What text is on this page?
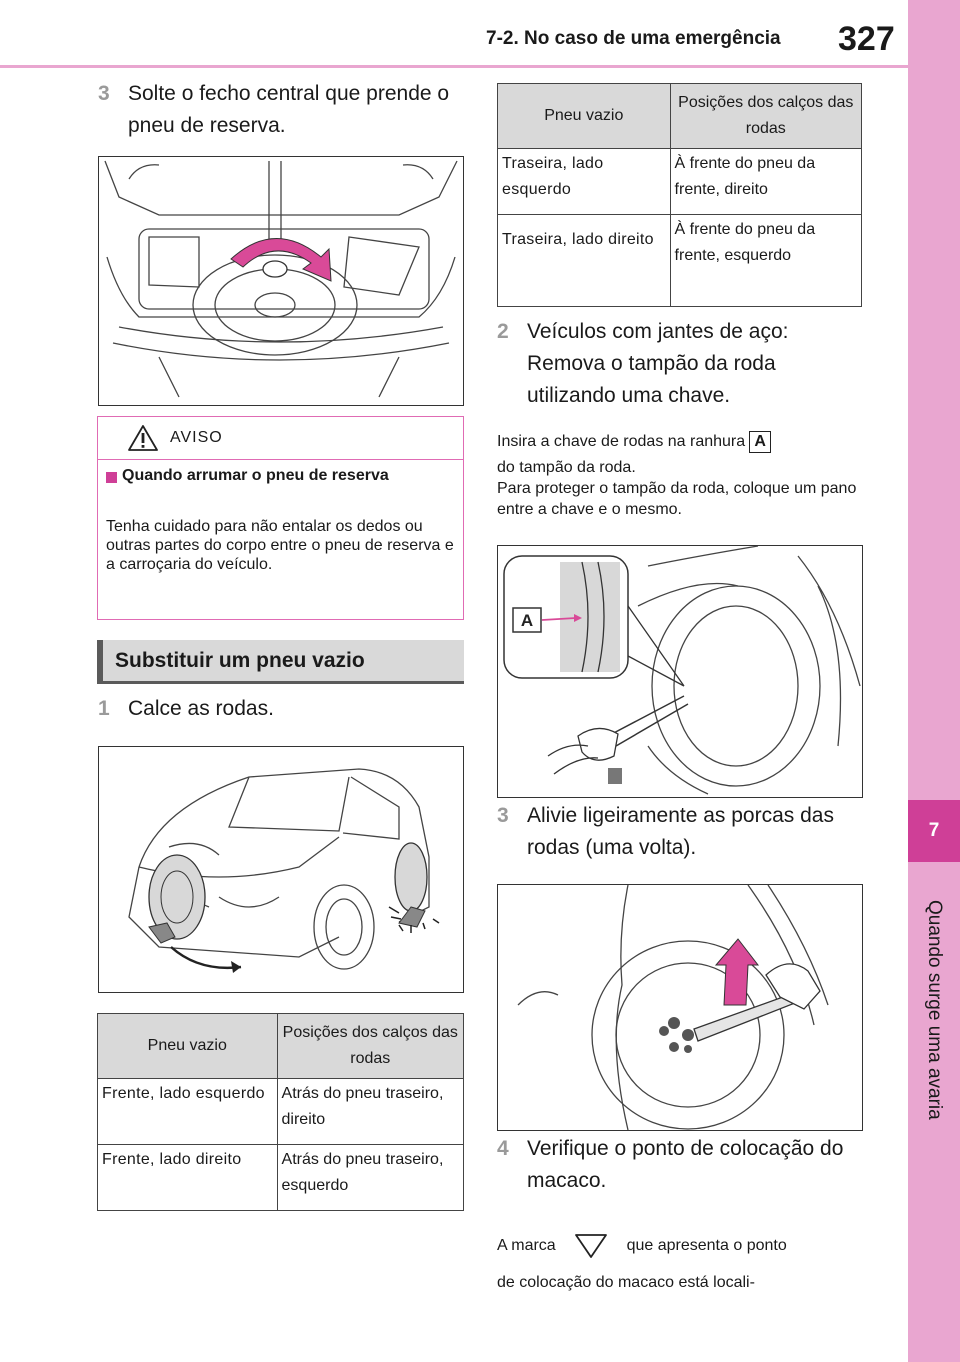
7-2. No caso de uma emergência 327
7
Quando surge uma avaria
3 Solte o fecho central que prende o pneu de reserva.
AVISO
Quando arrumar o pneu de reserva
Tenha cuidado para não entalar os dedos ou outras partes do corpo entre o pneu de reserva e a carroçaria do veículo.
Substituir um pneu vazio
1 Calce as rodas.
Pneu vazio	Posições dos calços das rodas
Frente, lado esquerdo	Atrás do pneu traseiro, direito
Frente, lado direito	Atrás do pneu traseiro, esquerdo
Pneu vazio	Posições dos calços das rodas
Traseira, lado esquerdo	À frente do pneu da frente, direito
Traseira, lado direito	À frente do pneu da frente, esquerdo
2 Veículos com jantes de aço: Remova o tampão da roda utilizando uma chave.
Insira a chave de rodas na ranhura A
do tampão da roda.
Para proteger o tampão da roda, coloque um pano entre a chave e o mesmo.
A
3 Alivie ligeiramente as porcas das rodas (uma volta).
4 Verifique o ponto de colocação do macaco.
A marca	que apresenta o ponto
de colocação do macaco está locali-
